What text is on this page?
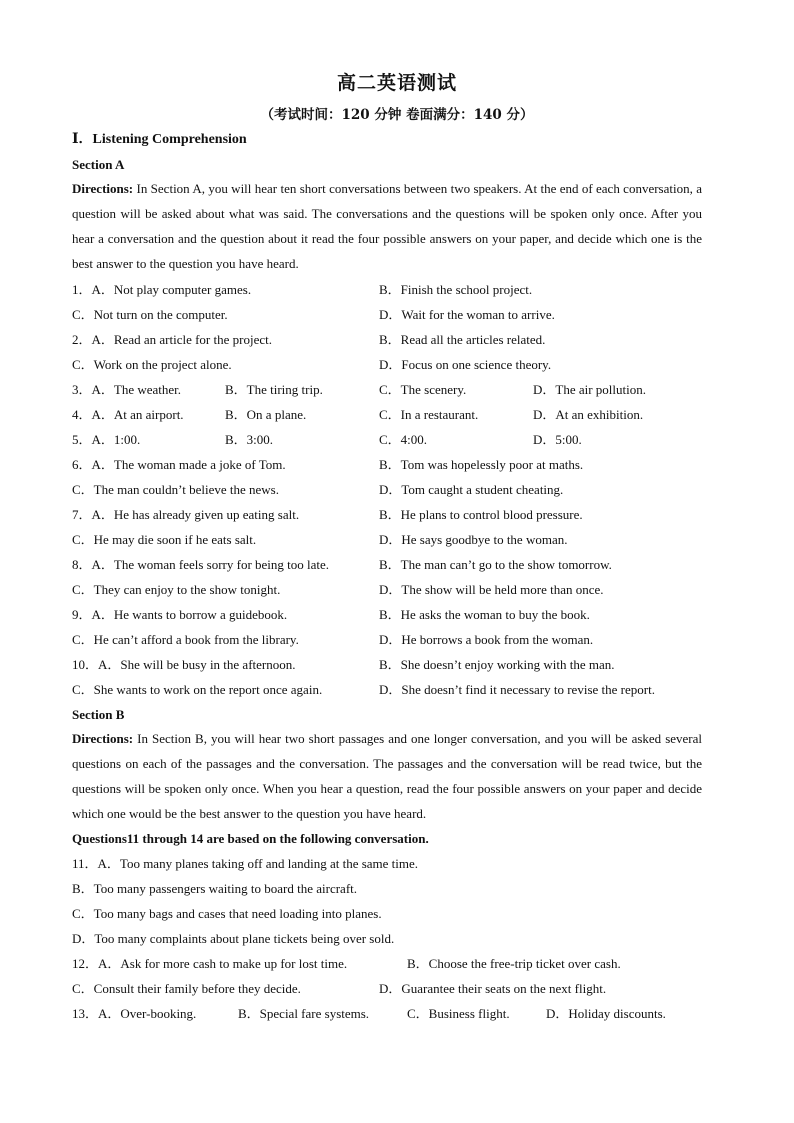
高二英语测试
（考试时间：120 分钟 卷面满分：140 分）
Ⅰ．Listening Comprehension
Section A
Directions: In Section A, you will hear ten short conversations between two speakers. At the end of each conversation, a question will be asked about what was said. The conversations and the questions will be spoken only once. After you hear a conversation and the question about it read the four possible answers on your paper, and decide which one is the best answer to the question you have heard.
1．A．Not play computer games.	B．Finish the school project.
C．Not turn on the computer.	D．Wait for the woman to arrive.
2．A．Read an article for the project.	B．Read all the articles related.
C．Work on the project alone.	D．Focus on one science theory.
3．A．The weather.	B．The tiring trip.	C．The scenery.	D．The air pollution.
4．A．At an airport.	B．On a plane.	C．In a restaurant.	D．At an exhibition.
5．A．1:00.	B．3:00.	C．4:00.	D．5:00.
6．A．The woman made a joke of Tom.	B．Tom was hopelessly poor at maths.
C．The man couldn’t believe the news.	D．Tom caught a student cheating.
7．A．He has already given up eating salt.	B．He plans to control blood pressure.
C．He may die soon if he eats salt.	D．He says goodbye to the woman.
8．A．The woman feels sorry for being too late.	B．The man can’t go to the show tomorrow.
C．They can enjoy to the show tonight.	D．The show will be held more than once.
9．A．He wants to borrow a guidebook.	B．He asks the woman to buy the book.
C．He can’t afford a book from the library.	D．He borrows a book from the woman.
10．A．She will be busy in the afternoon.	B．She doesn’t enjoy working with the man.
C．She wants to work on the report once again.	D．She doesn’t find it necessary to revise the report.
Section B
Directions: In Section B, you will hear two short passages and one longer conversation, and you will be asked several questions on each of the passages and the conversation. The passages and the conversation will be read twice, but the questions will be spoken only once. When you hear a question, read the four possible answers on your paper and decide which one would be the best answer to the question you have heard.
Questions11 through 14 are based on the following conversation.
11．A．Too many planes taking off and landing at the same time.
B．Too many passengers waiting to board the aircraft.
C．Too many bags and cases that need loading into planes.
D．Too many complaints about plane tickets being over sold.
12．A．Ask for more cash to make up for lost time.	B．Choose the free-trip ticket over cash.
C．Consult their family before they decide.	D．Guarantee their seats on the next flight.
13．A．Over-booking.	B．Special fare systems.	C．Business flight.	D．Holiday discounts.
